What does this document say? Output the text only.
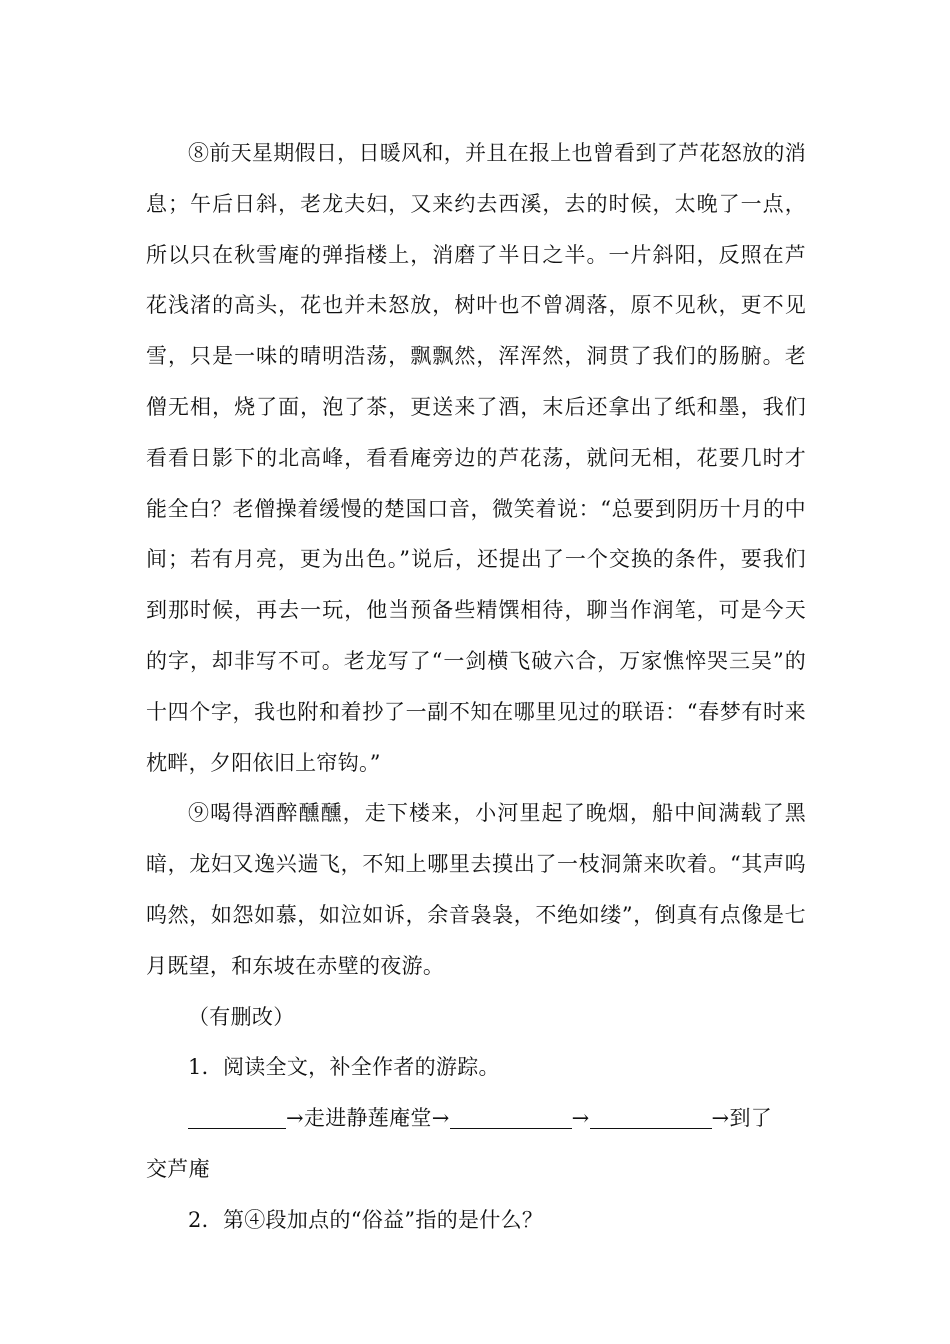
⑧前天星期假日，日暖风和，并且在报上也曾看到了芦花怒放的消息；午后日斜，老龙夫妇，又来约去西溪，去的时候，太晚了一点，所以只在秋雪庵的弹指楼上，消磨了半日之半。一片斜阳，反照在芦花浅渚的高头，花也并未怒放，树叶也不曾凋落，原不见秋，更不见雪，只是一味的晴明浩荡，飘飘然，浑浑然，洞贯了我们的肠腑。老僧无相，烧了面，泡了茶，更送来了酒，末后还拿出了纸和墨，我们看看日影下的北高峰，看看庵旁边的芦花荡，就问无相，花要几时才能全白？老僧操着缓慢的楚国口音，微笑着说：“总要到阴历十月的中间；若有月亮，更为出色。”说后，还提出了一个交换的条件，要我们到那时候，再去一玩，他当预备些精馔相待，聊当作润笔，可是今天的字，却非写不可。老龙写了“一剑横飞破六合，万家憔悴哭三吴”的十四个字，我也附和着抄了一副不知在哪里见过的联语：“春梦有时来枕畔，夕阳依旧上帘钩。”

⑨喝得酒醉醺醺，走下楼来，小河里起了晚烟，船中间满载了黑暗，龙妇又逸兴遄飞，不知上哪里去摸出了一枝洞箫来吹着。“其声呜呜然，如怨如慕，如泣如诉，余音袅袅，不绝如缕”，倒真有点像是七月既望，和东坡在赤壁的夜游。

（有删改）

1．阅读全文，补全作者的游踪。

→走进静莲庵堂→	→	→到了

交芦庵

2．第④段加点的“俗益”指的是什么？
